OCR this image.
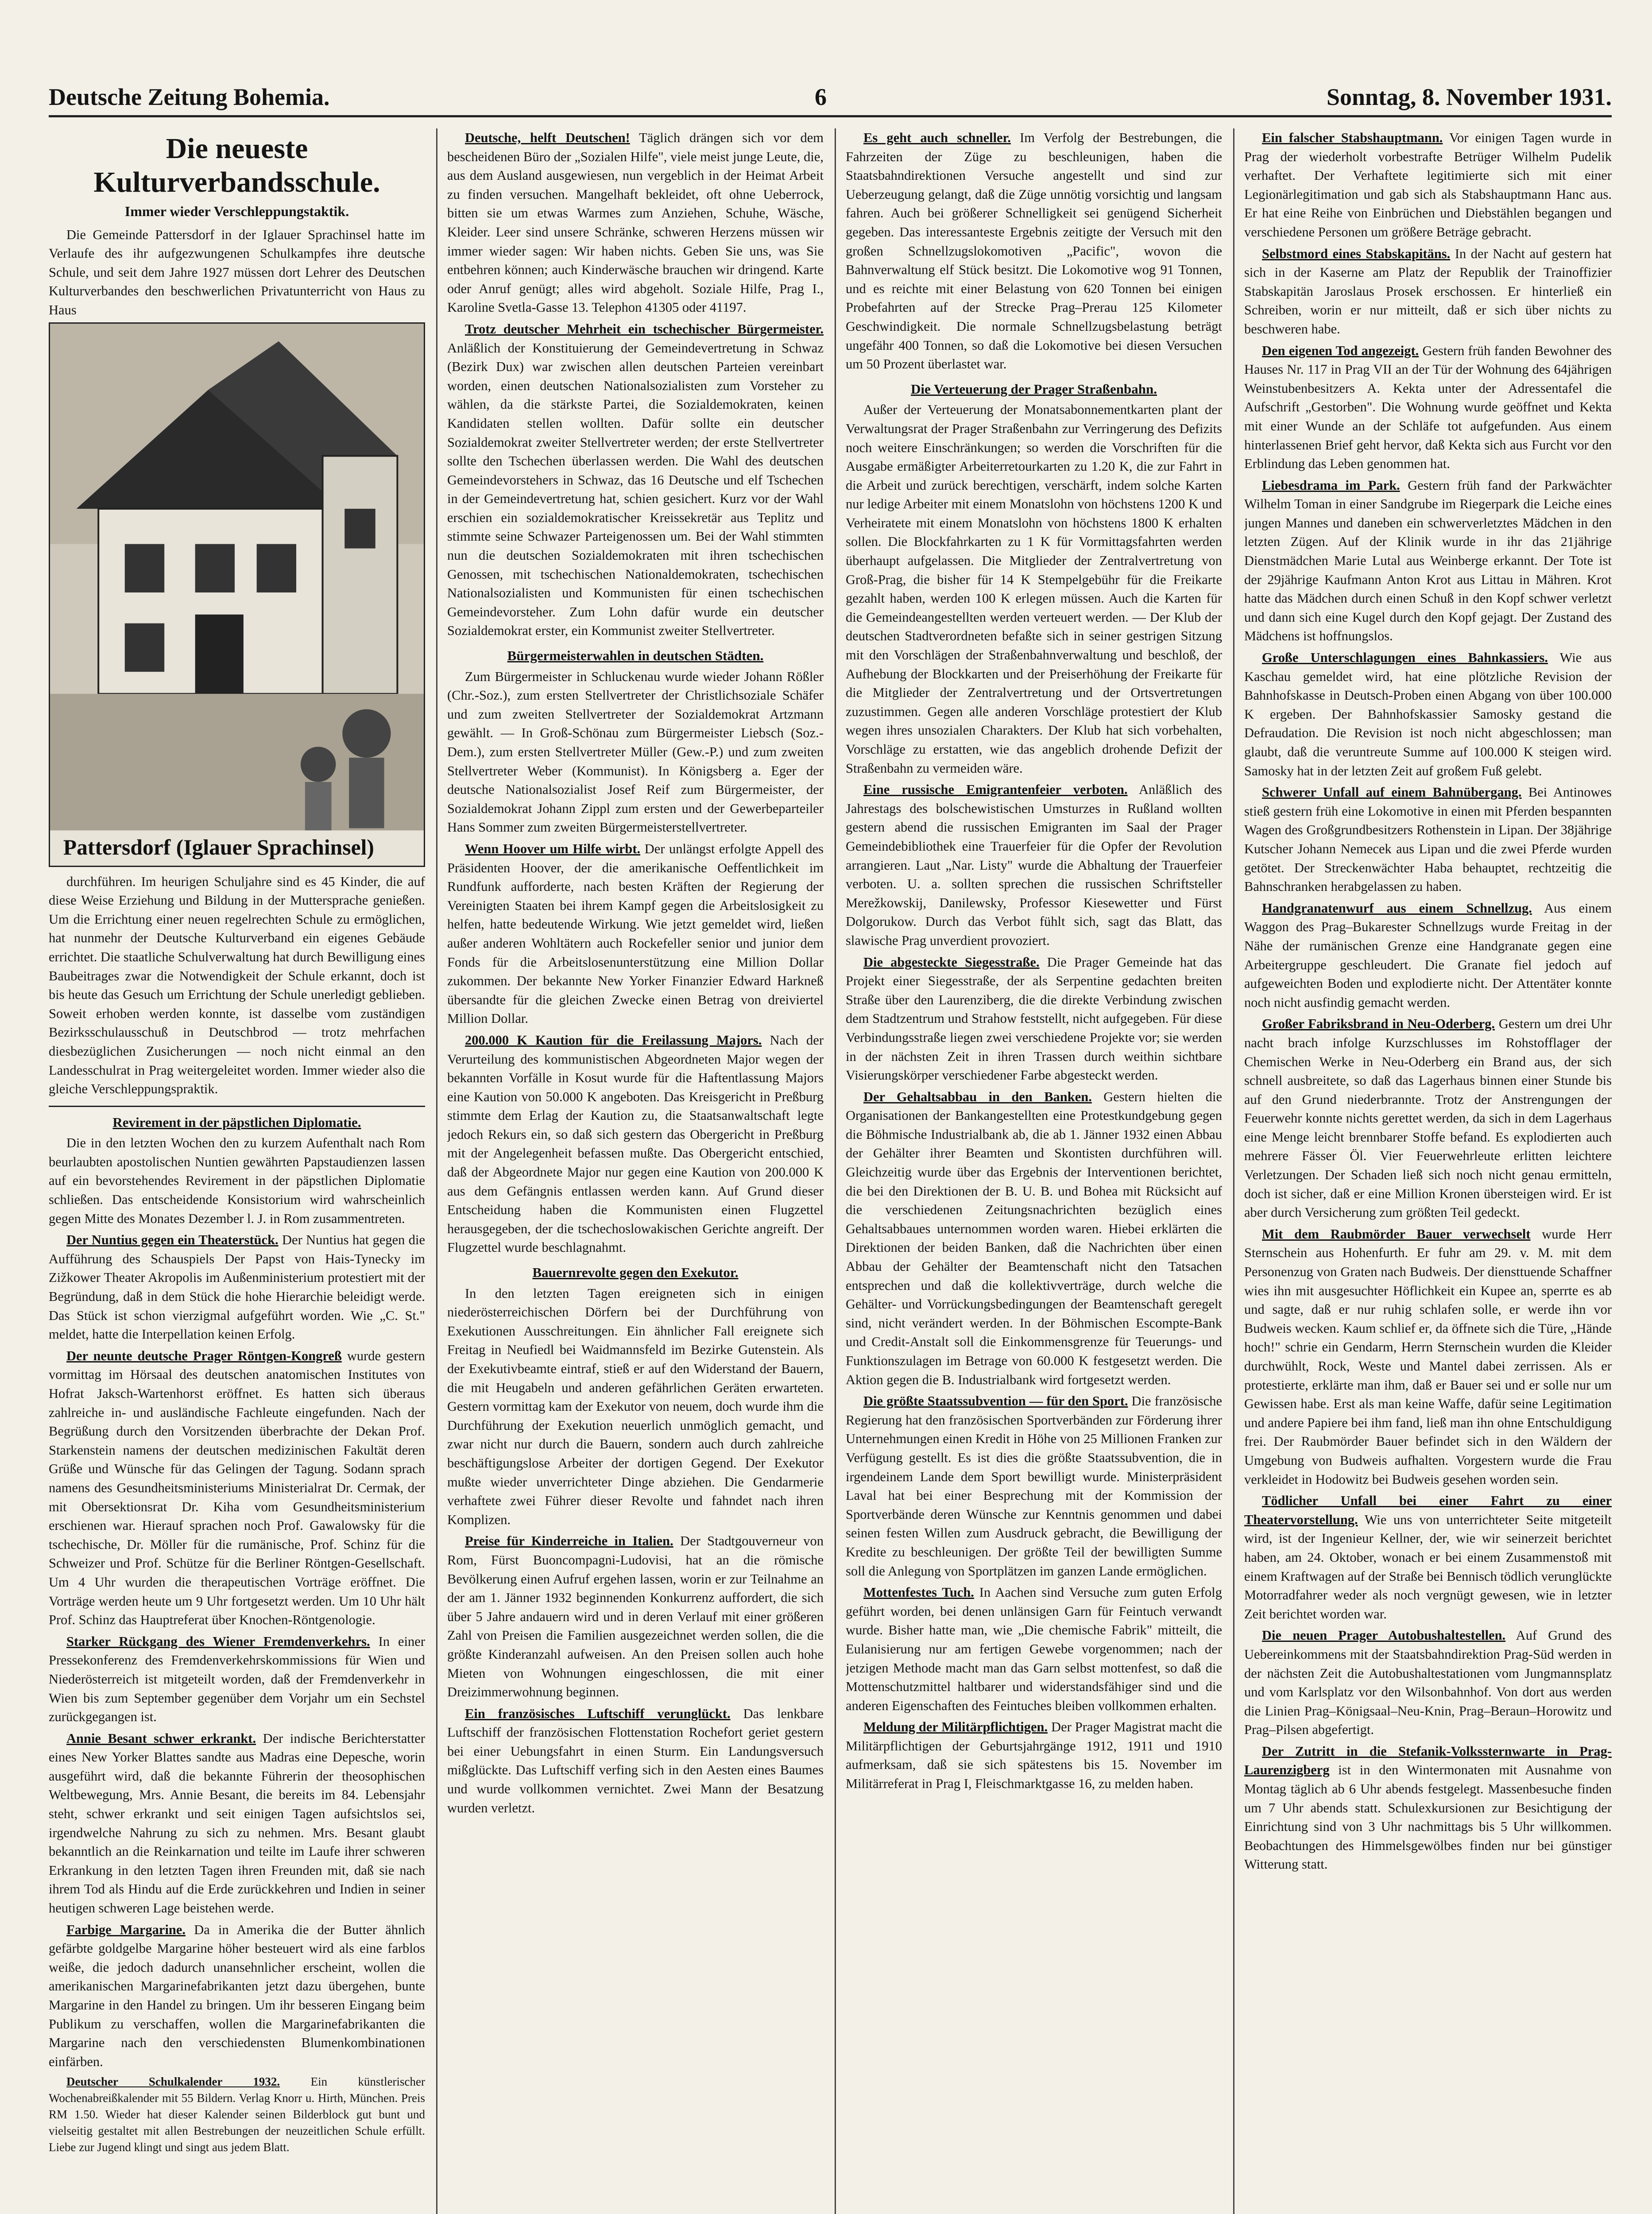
Deutsche Zeitung Bohemia.	6	Sonntag, 8. November 1931.
Die neueste Kulturverbandsschule.
Immer wieder Verschleppungstaktik.

Die Gemeinde Pattersdorf in der Iglauer Sprachinsel hatte im Verlaufe des ihr aufgezwungenen Schulkampfes ihre deutsche Schule, und seit dem Jahre 1927 müssen dort Lehrer des Deutschen Kulturverbandes den beschwerlichen Privatunterricht von Haus zu Haus

Pattersdorf (Iglauer Sprachinsel)

durchführen. Im heurigen Schuljahre sind es 45 Kinder, die auf diese Weise Erziehung und Bildung in der Muttersprache genießen. Um die Errichtung einer neuen regelrechten Schule zu ermöglichen, hat nunmehr der Deutsche Kulturverband ein eigenes Gebäude errichtet. Die staatliche Schulverwaltung hat durch Bewilligung eines Baubeitrages zwar die Notwendigkeit der Schule erkannt, doch ist bis heute das Gesuch um Errichtung der Schule unerledigt geblieben. Soweit erhoben werden konnte, ist dasselbe vom zuständigen Bezirksschulausschuß in Deutschbrod — trotz mehrfachen diesbezüglichen Zusicherungen — noch nicht einmal an den Landesschulrat in Prag weitergeleitet worden. Immer wieder also die gleiche Verschleppungspraktik.

Revirement in der päpstlichen Diplomatie.

Die in den letzten Wochen den zu kurzem Aufenthalt nach Rom beurlaubten apostolischen Nuntien gewährten Papstaudienzen lassen auf ein bevorstehendes Revirement in der päpstlichen Diplomatie schließen. Das entscheidende Konsistorium wird wahrscheinlich gegen Mitte des Monates Dezember l. J. in Rom zusammentreten.

Der Nuntius gegen ein Theaterstück. Der Nuntius hat gegen die Aufführung des Schauspiels Der Papst von Hais-Tynecky im Zižkower Theater Akropolis im Außenministerium protestiert mit der Begründung, daß in dem Stück die hohe Hierarchie beleidigt werde. Das Stück ist schon vierzigmal aufgeführt worden. Wie „C. St." meldet, hatte die Interpellation keinen Erfolg.

Der neunte deutsche Prager Röntgen-Kongreß wurde gestern vormittag im Hörsaal des deutschen anatomischen Institutes von Hofrat Jaksch-Wartenhorst eröffnet. Es hatten sich überaus zahlreiche in- und ausländische Fachleute eingefunden. Nach der Begrüßung durch den Vorsitzenden überbrachte der Dekan Prof. Starkenstein namens der deutschen medizinischen Fakultät deren Grüße und Wünsche für das Gelingen der Tagung. Sodann sprach namens des Gesundheitsministeriums Ministerialrat Dr. Cermak, der mit Obersektionsrat Dr. Kiha vom Gesundheitsministerium erschienen war. Hierauf sprachen noch Prof. Gawalowsky für die tschechische, Dr. Möller für die rumänische, Prof. Schinz für die Schweizer und Prof. Schütze für die Berliner Röntgen-Gesellschaft. Um 4 Uhr wurden die therapeutischen Vorträge eröffnet. Die Vorträge werden heute um 9 Uhr fortgesetzt werden. Um 10 Uhr hält Prof. Schinz das Hauptreferat über Knochen-Röntgenologie.

Starker Rückgang des Wiener Fremdenverkehrs. In einer Pressekonferenz des Fremdenverkehrskommissions für Wien und Niederösterreich ist mitgeteilt worden, daß der Fremdenverkehr in Wien bis zum September gegenüber dem Vorjahr um ein Sechstel zurückgegangen ist.

Annie Besant schwer erkrankt. Der indische Berichterstatter eines New Yorker Blattes sandte aus Madras eine Depesche, worin ausgeführt wird, daß die bekannte Führerin der theosophischen Weltbewegung, Mrs. Annie Besant, die bereits im 84. Lebensjahr steht, schwer erkrankt und seit einigen Tagen aufsichtslos sei, irgendwelche Nahrung zu sich zu nehmen. Mrs. Besant glaubt bekanntlich an die Reinkarnation und teilte im Laufe ihrer schweren Erkrankung in den letzten Tagen ihren Freunden mit, daß sie nach ihrem Tod als Hindu auf die Erde zurückkehren und Indien in seiner heutigen schweren Lage beistehen werde.

Farbige Margarine. Da in Amerika die der Butter ähnlich gefärbte goldgelbe Margarine höher besteuert wird als eine farblos weiße, die jedoch dadurch unansehnlicher erscheint, wollen die amerikanischen Margarinefabrikanten jetzt dazu übergehen, bunte Margarine in den Handel zu bringen. Um ihr besseren Eingang beim Publikum zu verschaffen, wollen die Margarinefabrikanten die Margarine nach den verschiedensten Blumenkombinationen einfärben.

Deutscher Schulkalender 1932.	Ein künstlerischer Wochenabreißkalender mit 55 Bildern. Verlag Knorr u. Hirth, München. Preis RM 1.50. Wieder hat dieser Kalender seinen Bilderblock gut bunt und vielseitig gestaltet mit allen Bestrebungen der neuzeitlichen Schule erfüllt. Liebe zur Jugend klingt und singt aus jedem Blatt.

Deutsche, helft Deutschen! Täglich drängen sich vor dem bescheidenen Büro der „Sozialen Hilfe", viele meist junge Leute, die, aus dem Ausland ausgewiesen, nun vergeblich in der Heimat Arbeit zu finden versuchen. Mangelhaft bekleidet, oft ohne Ueberrock, bitten sie um etwas Warmes zum Anziehen, Schuhe, Wäsche, Kleider. Leer sind unsere Schränke, schweren Herzens müssen wir immer wieder sagen: Wir haben nichts. Geben Sie uns, was Sie entbehren können; auch Kinderwäsche brauchen wir dringend. Karte oder Anruf genügt; alles wird abgeholt. Soziale Hilfe, Prag I., Karoline Svetla-Gasse 13. Telephon 41305 oder 41197.

Trotz deutscher Mehrheit ein tschechischer Bürgermeister. Anläßlich der Konstituierung der Gemeindevertretung in Schwaz (Bezirk Dux) war zwischen allen deutschen Parteien vereinbart worden, einen deutschen Nationalsozialisten zum Vorsteher zu wählen, da die stärkste Partei, die Sozialdemokraten, keinen Kandidaten stellen wollten. Dafür sollte ein deutscher Sozialdemokrat zweiter Stellvertreter werden; der erste Stellvertreter sollte den Tschechen überlassen werden. Die Wahl des deutschen Gemeindevorstehers in Schwaz, das 16 Deutsche und elf Tschechen in der Gemeindevertretung hat, schien gesichert. Kurz vor der Wahl erschien ein sozialdemokratischer Kreissekretär aus Teplitz und stimmte seine Schwazer Parteigenossen um. Bei der Wahl stimmten nun die deutschen Sozialdemokraten mit ihren tschechischen Genossen, mit tschechischen Nationaldemokraten, tschechischen Nationalsozialisten und Kommunisten für einen tschechischen Gemeindevorsteher. Zum Lohn dafür wurde ein deutscher Sozialdemokrat erster, ein Kommunist zweiter Stellvertreter.

Bürgermeisterwahlen in deutschen Städten.

Zum Bürgermeister in Schluckenau wurde wieder Johann Rößler (Chr.-Soz.), zum ersten Stellvertreter der Christlichsoziale Schäfer und zum zweiten Stellvertreter der Sozialdemokrat Artzmann gewählt. — In Groß-Schönau zum Bürgermeister Liebsch (Soz.-Dem.), zum ersten Stellvertreter Müller (Gew.-P.) und zum zweiten Stellvertreter Weber (Kommunist). In Königsberg a. Eger der deutsche Nationalsozialist Josef Reif zum Bürgermeister, der Sozialdemokrat Johann Zippl zum ersten und der Gewerbeparteiler Hans Sommer zum zweiten Bürgermeisterstellvertreter.

Wenn Hoover um Hilfe wirbt. Der unlängst erfolgte Appell des Präsidenten Hoover, der die amerikanische Oeffentlichkeit im Rundfunk aufforderte, nach besten Kräften der Regierung der Vereinigten Staaten bei ihrem Kampf gegen die Arbeitslosigkeit zu helfen, hatte bedeutende Wirkung. Wie jetzt gemeldet wird, ließen außer anderen Wohltätern auch Rockefeller senior und junior dem Fonds für die Arbeitslosenunterstützung eine Million Dollar zukommen. Der bekannte New Yorker Finanzier Edward Harkneß übersandte für die gleichen Zwecke einen Betrag von dreiviertel Million Dollar.

200.000 K Kaution für die Freilassung Majors. Nach der Verurteilung des kommunistischen Abgeordneten Major wegen der bekannten Vorfälle in Kosut wurde für die Haftentlassung Majors eine Kaution von 50.000 K angeboten. Das Kreisgericht in Preßburg stimmte dem Erlag der Kaution zu, die Staatsanwaltschaft legte jedoch Rekurs ein, so daß sich gestern das Obergericht in Preßburg mit der Angelegenheit befassen mußte. Das Obergericht entschied, daß der Abgeordnete Major nur gegen eine Kaution von 200.000 K aus dem Gefängnis entlassen werden kann. Auf Grund dieser Entscheidung haben die Kommunisten einen Flugzettel herausgegeben, der die tschechoslowakischen Gerichte angreift. Der Flugzettel wurde beschlagnahmt.

Bauernrevolte gegen den Exekutor.

In den letzten Tagen ereigneten sich in einigen niederösterreichischen Dörfern bei der Durchführung von Exekutionen Ausschreitungen. Ein ähnlicher Fall ereignete sich Freitag in Neufiedl bei Waidmannsfeld im Bezirke Gutenstein. Als der Exekutivbeamte eintraf, stieß er auf den Widerstand der Bauern, die mit Heugabeln und anderen gefährlichen Geräten erwarteten. Gestern vormittag kam der Exekutor von neuem, doch wurde ihm die Durchführung der Exekution neuerlich unmöglich gemacht, und zwar nicht nur durch die Bauern, sondern auch durch zahlreiche beschäftigungslose Arbeiter der dortigen Gegend. Der Exekutor mußte wieder unverrichteter Dinge abziehen. Die Gendarmerie verhaftete zwei Führer dieser Revolte und fahndet nach ihren Komplizen.

Preise für Kinderreiche in Italien. Der Stadtgouverneur von Rom, Fürst Buoncompagni-Ludovisi, hat an die römische Bevölkerung einen Aufruf ergehen lassen, worin er zur Teilnahme an der am 1. Jänner 1932 beginnenden Konkurrenz auffordert, die sich über 5 Jahre andauern wird und in deren Verlauf mit einer größeren Zahl von Preisen die Familien ausgezeichnet werden sollen, die die größte Kinderanzahl aufweisen. An den Preisen sollen auch hohe Mieten von Wohnungen eingeschlossen, die mit einer Dreizimmerwohnung beginnen.

Ein französisches Luftschiff verunglückt. Das lenkbare Luftschiff der französischen Flottenstation Rochefort geriet gestern bei einer Uebungsfahrt in einen Sturm. Ein Landungsversuch mißglückte. Das Luftschiff verfing sich in den Aesten eines Baumes und wurde vollkommen vernichtet. Zwei Mann der Besatzung wurden verletzt.

Es geht auch schneller. Im Verfolg der Bestrebungen, die Fahrzeiten der Züge zu beschleunigen, haben die Staatsbahndirektionen Versuche angestellt und sind zur Ueberzeugung gelangt, daß die Züge unnötig vorsichtig und langsam fahren. Auch bei größerer Schnelligkeit sei genügend Sicherheit gegeben. Das interessanteste Ergebnis zeitigte der Versuch mit den großen Schnellzugslokomotiven „Pacific", wovon die Bahnverwaltung elf Stück besitzt. Die Lokomotive wog 91 Tonnen, und es reichte mit einer Belastung von 620 Tonnen bei einigen Probefahrten auf der Strecke Prag–Prerau 125 Kilometer Geschwindigkeit. Die normale Schnellzugsbelastung beträgt ungefähr 400 Tonnen, so daß die Lokomotive bei diesen Versuchen um 50 Prozent überlastet war.

Die Verteuerung der Prager Straßenbahn.

Außer der Verteuerung der Monatsabonnementkarten plant der Verwaltungsrat der Prager Straßenbahn zur Verringerung des Defizits noch weitere Einschränkungen; so werden die Vorschriften für die Ausgabe ermäßigter Arbeiterretourkarten zu 1.20 K, die zur Fahrt in die Arbeit und zurück berechtigen, verschärft, indem solche Karten nur ledige Arbeiter mit einem Monatslohn von höchstens 1200 K und Verheiratete mit einem Monatslohn von höchstens 1800 K erhalten sollen. Die Blockfahrkarten zu 1 K für Vormittagsfahrten werden überhaupt aufgelassen. Die Mitglieder der Zentralvertretung von Groß-Prag, die bisher für 14 K Stempelgebühr für die Freikarte gezahlt haben, werden 100 K erlegen müssen. Auch die Karten für die Gemeindeangestellten werden verteuert werden. — Der Klub der deutschen Stadtverordneten befaßte sich in seiner gestrigen Sitzung mit den Vorschlägen der Straßenbahnverwaltung und beschloß, der Aufhebung der Blockkarten und der Preiserhöhung der Freikarte für die Mitglieder der Zentralvertretung und der Ortsvertretungen zuzustimmen. Gegen alle anderen Vorschläge protestiert der Klub wegen ihres unsozialen Charakters. Der Klub hat sich vorbehalten, Vorschläge zu erstatten, wie das angeblich drohende Defizit der Straßenbahn zu vermeiden wäre.

Eine russische Emigrantenfeier verboten. Anläßlich des Jahrestags des bolschewistischen Umsturzes in Rußland wollten gestern abend die russischen Emigranten im Saal der Prager Gemeindebibliothek eine Trauerfeier für die Opfer der Revolution arrangieren. Laut „Nar. Listy" wurde die Abhaltung der Trauerfeier verboten. U. a. sollten sprechen die russischen Schriftsteller Merežkowskij, Danilewsky, Professor Kiesewetter und Fürst Dolgorukow. Durch das Verbot fühlt sich, sagt das Blatt, das slawische Prag unverdient provoziert.

Die abgesteckte Siegesstraße. Die Prager Gemeinde hat das Projekt einer Siegesstraße, der als Serpentine gedachten breiten Straße über den Laurenziberg, die die direkte Verbindung zwischen dem Stadtzentrum und Strahow feststellt, nicht aufgegeben. Für diese Verbindungsstraße liegen zwei verschiedene Projekte vor; sie werden in der nächsten Zeit in ihren Trassen durch weithin sichtbare Visierungskörper verschiedener Farbe abgesteckt werden.

Der Gehaltsabbau in den Banken. Gestern hielten die Organisationen der Bankangestellten eine Protestkundgebung gegen die Böhmische Industrialbank ab, die ab 1. Jänner 1932 einen Abbau der Gehälter ihrer Beamten und Skontisten durchführen will. Gleichzeitig wurde über das Ergebnis der Interventionen berichtet, die bei den Direktionen der B. U. B. und Bohea mit Rücksicht auf die verschiedenen Zeitungsnachrichten bezüglich eines Gehaltsabbaues unternommen worden waren. Hiebei erklärten die Direktionen der beiden Banken, daß die Nachrichten über einen Abbau der Gehälter der Beamtenschaft nicht den Tatsachen entsprechen und daß die kollektivverträge, durch welche die Gehälter- und Vorrückungsbedingungen der Beamtenschaft geregelt sind, nicht verändert werden. In der Böhmischen Escompte-Bank und Credit-Anstalt soll die Einkommensgrenze für Teuerungs- und Funktionszulagen im Betrage von 60.000 K festgesetzt werden. Die Aktion gegen die B. Industrialbank wird fortgesetzt werden.

Die größte Staatssubvention — für den Sport. Die französische Regierung hat den französischen Sportverbänden zur Förderung ihrer Unternehmungen einen Kredit in Höhe von 25 Millionen Franken zur Verfügung gestellt. Es ist dies die größte Staatssubvention, die in irgendeinem Lande dem Sport bewilligt wurde. Ministerpräsident Laval hat bei einer Besprechung mit der Kommission der Sportverbände deren Wünsche zur Kenntnis genommen und dabei seinen festen Willen zum Ausdruck gebracht, die Bewilligung der Kredite zu beschleunigen. Der größte Teil der bewilligten Summe soll die Anlegung von Sportplätzen im ganzen Lande ermöglichen.

Mottenfestes Tuch. In Aachen sind Versuche zum guten Erfolg geführt worden, bei denen unlänsigen Garn für Feintuch verwandt wurde. Bisher hatte man, wie „Die chemische Fabrik" mitteilt, die Eulanisierung nur am fertigen Gewebe vorgenommen; nach der jetzigen Methode macht man das Garn selbst mottenfest, so daß die Mottenschutzmittel haltbarer und widerstandsfähiger sind und die anderen Eigenschaften des Feintuches bleiben vollkommen erhalten.

Meldung der Militärpflichtigen. Der Prager Magistrat macht die Militärpflichtigen der Geburtsjahrgänge 1912, 1911 und 1910 aufmerksam, daß sie sich spätestens bis 15. November im Militärreferat in Prag I, Fleischmarktgasse 16, zu melden haben.

Ein falscher Stabshauptmann. Vor einigen Tagen wurde in Prag der wiederholt vorbestrafte Betrüger Wilhelm Pudelik verhaftet. Der Verhaftete legitimierte sich mit einer Legionärlegitimation und gab sich als Stabshauptmann Hanc aus. Er hat eine Reihe von Einbrüchen und Diebstählen begangen und verschiedene Personen um größere Beträge gebracht.

Selbstmord eines Stabskapitäns. In der Nacht auf gestern hat sich in der Kaserne am Platz der Republik der Trainoffizier Stabskapitän Jaroslaus Prosek erschossen. Er hinterließ ein Schreiben, worin er nur mitteilt, daß er sich über nichts zu beschweren habe.

Den eigenen Tod angezeigt. Gestern früh fanden Bewohner des Hauses Nr. 117 in Prag VII an der Tür der Wohnung des 64jährigen Weinstubenbesitzers A. Kekta unter der Adressentafel die Aufschrift „Gestorben". Die Wohnung wurde geöffnet und Kekta mit einer Wunde an der Schläfe tot aufgefunden. Aus einem hinterlassenen Brief geht hervor, daß Kekta sich aus Furcht vor den Erblindung das Leben genommen hat.

Liebesdrama im Park. Gestern früh fand der Parkwächter Wilhelm Toman in einer Sandgrube im Riegerpark die Leiche eines jungen Mannes und daneben ein schwerverletztes Mädchen in den letzten Zügen. Auf der Klinik wurde in ihr das 21jährige Dienstmädchen Marie Lutal aus Weinberge erkannt. Der Tote ist der 29jährige Kaufmann Anton Krot aus Littau in Mähren. Krot hatte das Mädchen durch einen Schuß in den Kopf schwer verletzt und dann sich eine Kugel durch den Kopf gejagt. Der Zustand des Mädchens ist hoffnungslos.

Große Unterschlagungen eines Bahnkassiers. Wie aus Kaschau gemeldet wird, hat eine plötzliche Revision der Bahnhofskasse in Deutsch-Proben einen Abgang von über 100.000 K ergeben. Der Bahnhofskassier Samosky gestand die Defraudation. Die Revision ist noch nicht abgeschlossen; man glaubt, daß die veruntreute Summe auf 100.000 K steigen wird. Samosky hat in der letzten Zeit auf großem Fuß gelebt.

Schwerer Unfall auf einem Bahnübergang. Bei Antinowes stieß gestern früh eine Lokomotive in einen mit Pferden bespannten Wagen des Großgrundbesitzers Rothenstein in Lipan. Der 38jährige Kutscher Johann Nemecek aus Lipan und die zwei Pferde wurden getötet. Der Streckenwächter Haba behauptet, rechtzeitig die Bahnschranken herabgelassen zu haben.

Handgranatenwurf aus einem Schnellzug. Aus einem Waggon des Prag–Bukarester Schnellzugs wurde Freitag in der Nähe der rumänischen Grenze eine Handgranate gegen eine Arbeitergruppe geschleudert. Die Granate fiel jedoch auf aufgeweichten Boden und explodierte nicht. Der Attentäter konnte noch nicht ausfindig gemacht werden.

Großer Fabriksbrand in Neu-Oderberg. Gestern um drei Uhr nacht brach infolge Kurzschlusses im Rohstofflager der Chemischen Werke in Neu-Oderberg ein Brand aus, der sich schnell ausbreitete, so daß das Lagerhaus binnen einer Stunde bis auf den Grund niederbrannte. Trotz der Anstrengungen der Feuerwehr konnte nichts gerettet werden, da sich in dem Lagerhaus eine Menge leicht brennbarer Stoffe befand. Es explodierten auch mehrere Fässer Öl. Vier Feuerwehrleute erlitten leichtere Verletzungen. Der Schaden ließ sich noch nicht genau ermitteln, doch ist sicher, daß er eine Million Kronen übersteigen wird. Er ist aber durch Versicherung zum größten Teil gedeckt.

Mit dem Raubmörder Bauer verwechselt wurde Herr Sternschein aus Hohenfurth. Er fuhr am 29. v. M. mit dem Personenzug von Graten nach Budweis. Der diensttuende Schaffner wies ihn mit ausgesuchter Höflichkeit ein Kupee an, sperrte es ab und sagte, daß er nur ruhig schlafen solle, er werde ihn vor Budweis wecken. Kaum schlief er, da öffnete sich die Türe, „Hände hoch!" schrie ein Gendarm, Herrn Sternschein wurden die Kleider durchwühlt, Rock, Weste und Mantel dabei zerrissen. Als er protestierte, erklärte man ihm, daß er Bauer sei und er solle nur um Gewissen habe. Erst als man keine Waffe, dafür seine Legitimation und andere Papiere bei ihm fand, ließ man ihn ohne Entschuldigung frei. Der Raubmörder Bauer befindet sich in den Wäldern der Umgebung von Budweis aufhalten. Vorgestern wurde die Frau verkleidet in Hodowitz bei Budweis gesehen worden sein.

Tödlicher Unfall bei einer Fahrt zu einer Theatervorstellung. Wie uns von unterrichteter Seite mitgeteilt wird, ist der Ingenieur Kellner, der, wie wir seinerzeit berichtet haben, am 24. Oktober, wonach er bei einem Zusammenstoß mit einem Kraftwagen auf der Straße bei Bennisch tödlich verunglückte Motorradfahrer weder als noch vergnügt gewesen, wie in letzter Zeit berichtet worden war.

Die neuen Prager Autobushaltestellen. Auf Grund des Uebereinkommens mit der Staatsbahndirektion Prag-Süd werden in der nächsten Zeit die Autobushaltestationen vom Jungmannsplatz und vom Karlsplatz vor den Wilsonbahnhof. Von dort aus werden die Linien Prag–Königsaal–Neu-Knin, Prag–Beraun–Horowitz und Prag–Pilsen abgefertigt.

Der Zutritt in die Stefanik-Volkssternwarte in Prag-Laurenzigberg ist in den Wintermonaten mit Ausnahme von Montag täglich ab 6 Uhr abends festgelegt. Massenbesuche finden um 7 Uhr abends statt. Schulexkursionen zur Besichtigung der Einrichtung sind von 3 Uhr nachmittags bis 5 Uhr willkommen. Beobachtungen des Himmelsgewölbes finden nur bei günstiger Witterung statt.
